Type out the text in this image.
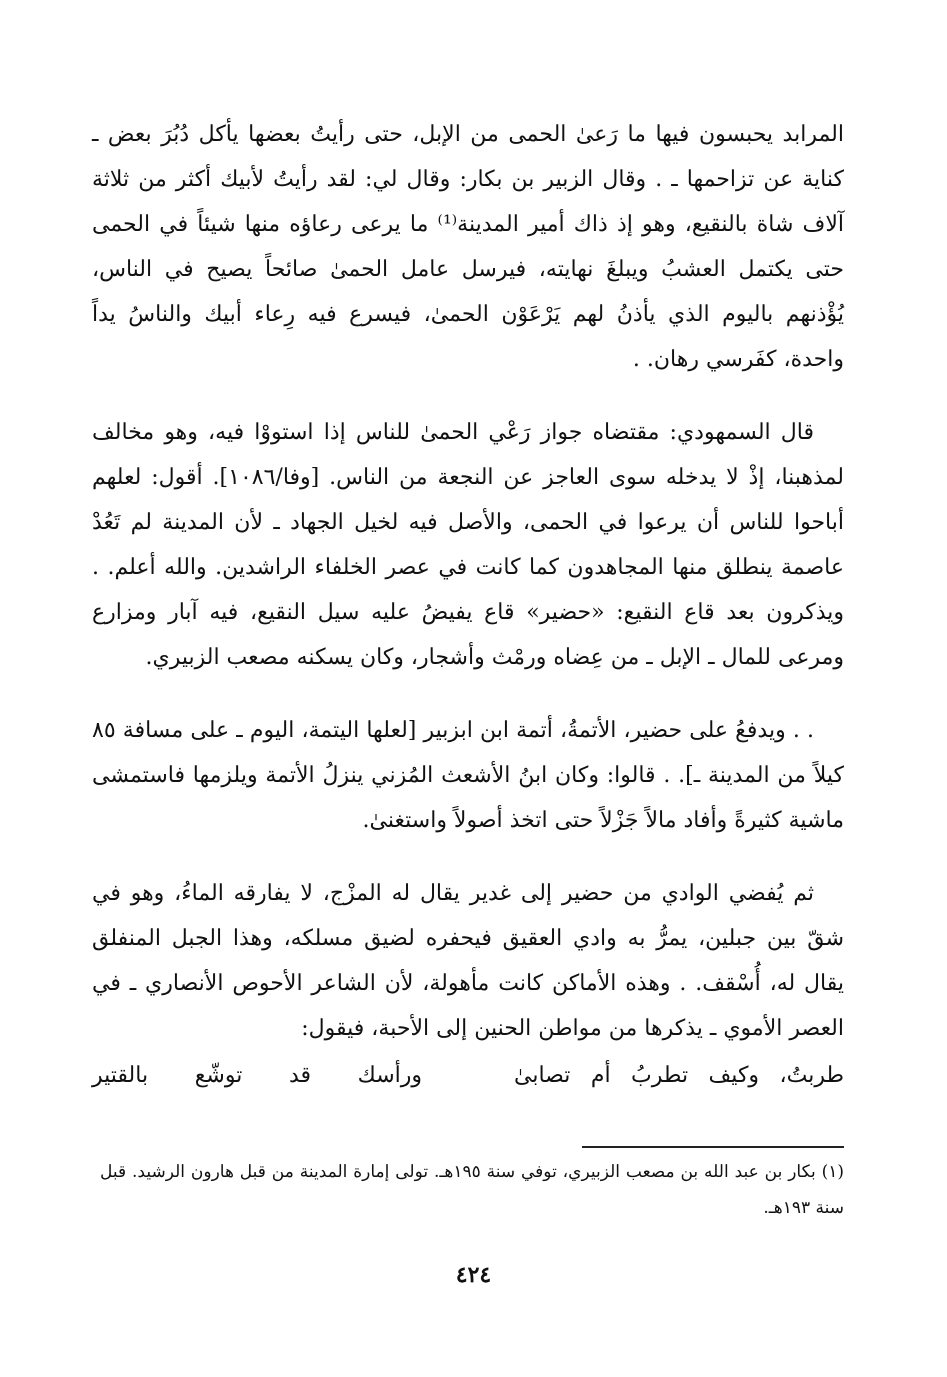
المرابد يحبسون فيها ما رَعىٰ الحمى من الإبل، حتى رأيتُ بعضها يأكل دُبُرَ بعض ـ كناية عن تزاحمها ـ . وقال الزبير بن بكار: وقال لي: لقد رأيتُ لأبيك أكثر من ثلاثة آلاف شاة بالنقيع، وهو إذ ذاك أمير المدينة⁽¹⁾ ما يرعى رعاؤه منها شيئاً في الحمى حتى يكتمل العشبُ ويبلغَ نهايته، فيرسل عامل الحمىٰ صائحاً يصيح في الناس، يُؤْذنهم باليوم الذي يأذنُ لهم يَرْعَوْن الحمىٰ، فيسرع فيه رِعاء أبيك والناسُ يداً واحدة، كفَرسي رهان. .

قال السمهودي: مقتضاه جواز رَعْي الحمىٰ للناس إذا استووْا فيه، وهو مخالف لمذهبنا، إذْ لا يدخله سوى العاجز عن النجعة من الناس. [وفا/١٠٨٦]. أقول: لعلهم أباحوا للناس أن يرعوا في الحمى، والأصل فيه لخيل الجهاد ـ لأن المدينة لم تَعُدْ عاصمة ينطلق منها المجاهدون كما كانت في عصر الخلفاء الراشدين. والله أعلم. . ويذكرون بعد قاع النقيع: «حضير» قاع يفيضُ عليه سيل النقيع، فيه آبار ومزارع ومرعى للمال ـ الإبل ـ من عِضاه ورمْث وأشجار، وكان يسكنه مصعب الزبيري.

. . ويدفعُ على حضير، الأتمةُ، أتمة ابن ابزبير [لعلها اليتمة، اليوم ـ على مسافة ٨٥ كيلاً من المدينة ـ]. . قالوا: وكان ابنُ الأشعث المُزني ينزلُ الأتمة ويلزمها فاستمشى ماشية كثيرةً وأفاد مالاً جَزْلاً حتى اتخذ أصولاً واستغنىٰ.

ثم يُفضي الوادي من حضير إلى غدير يقال له المزْج، لا يفارقه الماءُ، وهو في شقّ بين جبلين، يمرُّ به وادي العقيق فيحفره لضيق مسلكه، وهذا الجبل المنفلق يقال له، أُسْقف. . وهذه الأماكن كانت مأهولة، لأن الشاعر الأحوص الأنصاري ـ في العصر الأموي ـ يذكرها من مواطن الحنين إلى الأحبة، فيقول:

طربتُ، وكيف تطربُ أم تصابىٰ
ورأسك قد توشّع بالقتير

(١) بكار بن عبد الله بن مصعب الزبيري، توفي سنة ١٩٥هـ. تولى إمارة المدينة من قبل هارون الرشيد. قبل سنة ١٩٣هـ.

٤٢٤
